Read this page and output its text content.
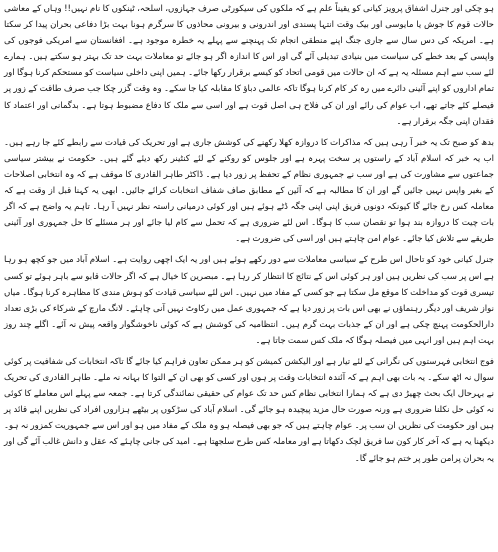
ہو چکی اور جنرل اشفاق پرویز کیانی کو یقیناً علم ہے کہ ملکوں کی سیکورٹی صرف جہازوں، اسلحہ، ٹینکوں کا نام نہیں!! وہاں کے معاشی حالات قوم کا جوش یا مایوسی اور بیک وقت انتہا پسندی اور اندرونی و بیرونی محاذوں کا سرگرم ہونا بہت بڑا دفاعی بحران پیدا کر سکتا ہے۔ امریکہ کی دس سال سے جاری جنگ اپنے منطقی انجام تک پہنچنے سے پہلے یہ خطرہ موجود ہے۔ افغانستان سے امریکی فوجوں کی واپسی کے بعد خطے کی سیاست میں بنیادی تبدیلی آئے گی اور اس کا اندازہ اگر ہو جائے تو معاملات بہت حد تک بہتر ہو سکتے ہیں۔ ہمارے لئے سب سے اہم مسئلہ یہ ہے کہ ان حالات میں قومی اتحاد کو کیسے برقرار رکھا جائے۔ ہمیں اپنی داخلی سیاست کو مستحکم کرنا ہوگا اور تمام اداروں کو اپنے آئینی دائرے میں رہ کر کام کرنا ہوگا تاکہ عالمی دباؤ کا مقابلہ کیا جا سکے۔ وہ وقت گزر چکا جب صرف طاقت کے زور پر فیصلے کئے جاتے تھے، اب عوام کی رائے اور ان کی فلاح ہی اصل قوت ہے اور اسی سے ملک کا دفاع مضبوط ہوتا ہے۔ بدگمانی اور اعتماد کا فقدان اپنی جگہ برقرار ہے۔

بدھ کو صبح تک یہ خبر آ رہی ہیں کہ مذاکرات کا دروازہ کھلا رکھنے کی کوشش جاری ہے اور تحریک کی قیادت سے رابطے کئے جا رہے ہیں۔ اب یہ خبر کہ اسلام آباد کے راستوں پر سخت پہرہ ہے اور جلوس کو روکنے کے لئے کنٹینر رکھ دیئے گئے ہیں۔ حکومت نے بیشتر سیاسی جماعتوں سے مشاورت کی ہے اور سب نے جمہوری نظام کے تحفظ پر زور دیا ہے۔ ڈاکٹر طاہر القادری کا موقف ہے کہ وہ انتخابی اصلاحات کے بغیر واپس نہیں جائیں گے اور ان کا مطالبہ ہے کہ آئین کے مطابق صاف شفاف انتخابات کرائے جائیں۔ ابھی یہ کہنا قبل از وقت ہے کہ معاملہ کس رخ جائے گا کیونکہ دونوں فریق اپنی اپنی جگہ ڈٹے ہوئے ہیں اور کوئی درمیانی راستہ نظر نہیں آ رہا۔ تاہم یہ واضح ہے کہ اگر بات چیت کا دروازہ بند ہوا تو نقصان سب کا ہوگا۔ اس لئے ضروری ہے کہ تحمل سے کام لیا جائے اور ہر مسئلے کا حل جمہوری اور آئینی طریقے سے تلاش کیا جائے۔ عوام امن چاہتے ہیں اور اسی کی ضرورت ہے۔

جنرل کیانی خود کو تاحال اس طرح کے سیاسی معاملات سے دور رکھے ہوئے ہیں اور یہ ایک اچھی روایت ہے۔ اسلام آباد میں جو کچھ ہو رہا ہے اس پر سب کی نظریں ہیں اور ہر کوئی اس کے نتائج کا انتظار کر رہا ہے۔ مبصرین کا خیال ہے کہ اگر حالات قابو سے باہر ہوئے تو کسی تیسری قوت کو مداخلت کا موقع مل سکتا ہے جو کسی کے مفاد میں نہیں۔ اس لئے سیاسی قیادت کو ہوش مندی کا مظاہرہ کرنا ہوگا۔ میاں نواز شریف اور دیگر رہنماؤں نے بھی اس بات پر زور دیا ہے کہ جمہوری عمل میں رکاوٹ نہیں آنی چاہئے۔ لانگ مارچ کے شرکاء کی بڑی تعداد دارالحکومت پہنچ چکی ہے اور ان کے جذبات بہت گرم ہیں۔ انتظامیہ کی کوشش ہے کہ کوئی ناخوشگوار واقعہ پیش نہ آئے۔ اگلے چند روز بہت اہم ہیں اور انہی میں فیصلہ ہوگا کہ ملک کس سمت جاتا ہے۔

فوج انتخابی فہرستوں کی نگرانی کے لئے تیار ہے اور الیکشن کمیشن کو ہر ممکن تعاون فراہم کیا جائے گا تاکہ انتخابات کی شفافیت پر کوئی سوال نہ اٹھ سکے۔ یہ بات بھی اہم ہے کہ آئندہ انتخابات وقت پر ہوں اور کسی کو بھی ان کے التوا کا بہانہ نہ ملے۔ طاہر القادری کی تحریک نے بہرحال ایک بحث چھیڑ دی ہے کہ ہمارا انتخابی نظام کس حد تک عوام کی حقیقی نمائندگی کرتا ہے۔ جمعہ سے پہلے اس معاملے کا کوئی نہ کوئی حل نکلنا ضروری ہے ورنہ صورت حال مزید پیچیدہ ہو جائے گی۔ اسلام آباد کی سڑکوں پر بیٹھے ہزاروں افراد کی نظریں اپنے قائد پر ہیں اور حکومت کی نظریں ان سب پر۔ عوام چاہتے ہیں کہ جو بھی فیصلہ ہو وہ ملک کے مفاد میں ہو اور اس سے جمہوریت کمزور نہ ہو۔ دیکھنا یہ ہے کہ آخر کار کون سا فریق لچک دکھاتا ہے اور معاملہ کس طرح سلجھتا ہے۔ امید کی جانی چاہئے کہ عقل و دانش غالب آئے گی اور یہ بحران پرامن طور پر ختم ہو جائے گا۔
